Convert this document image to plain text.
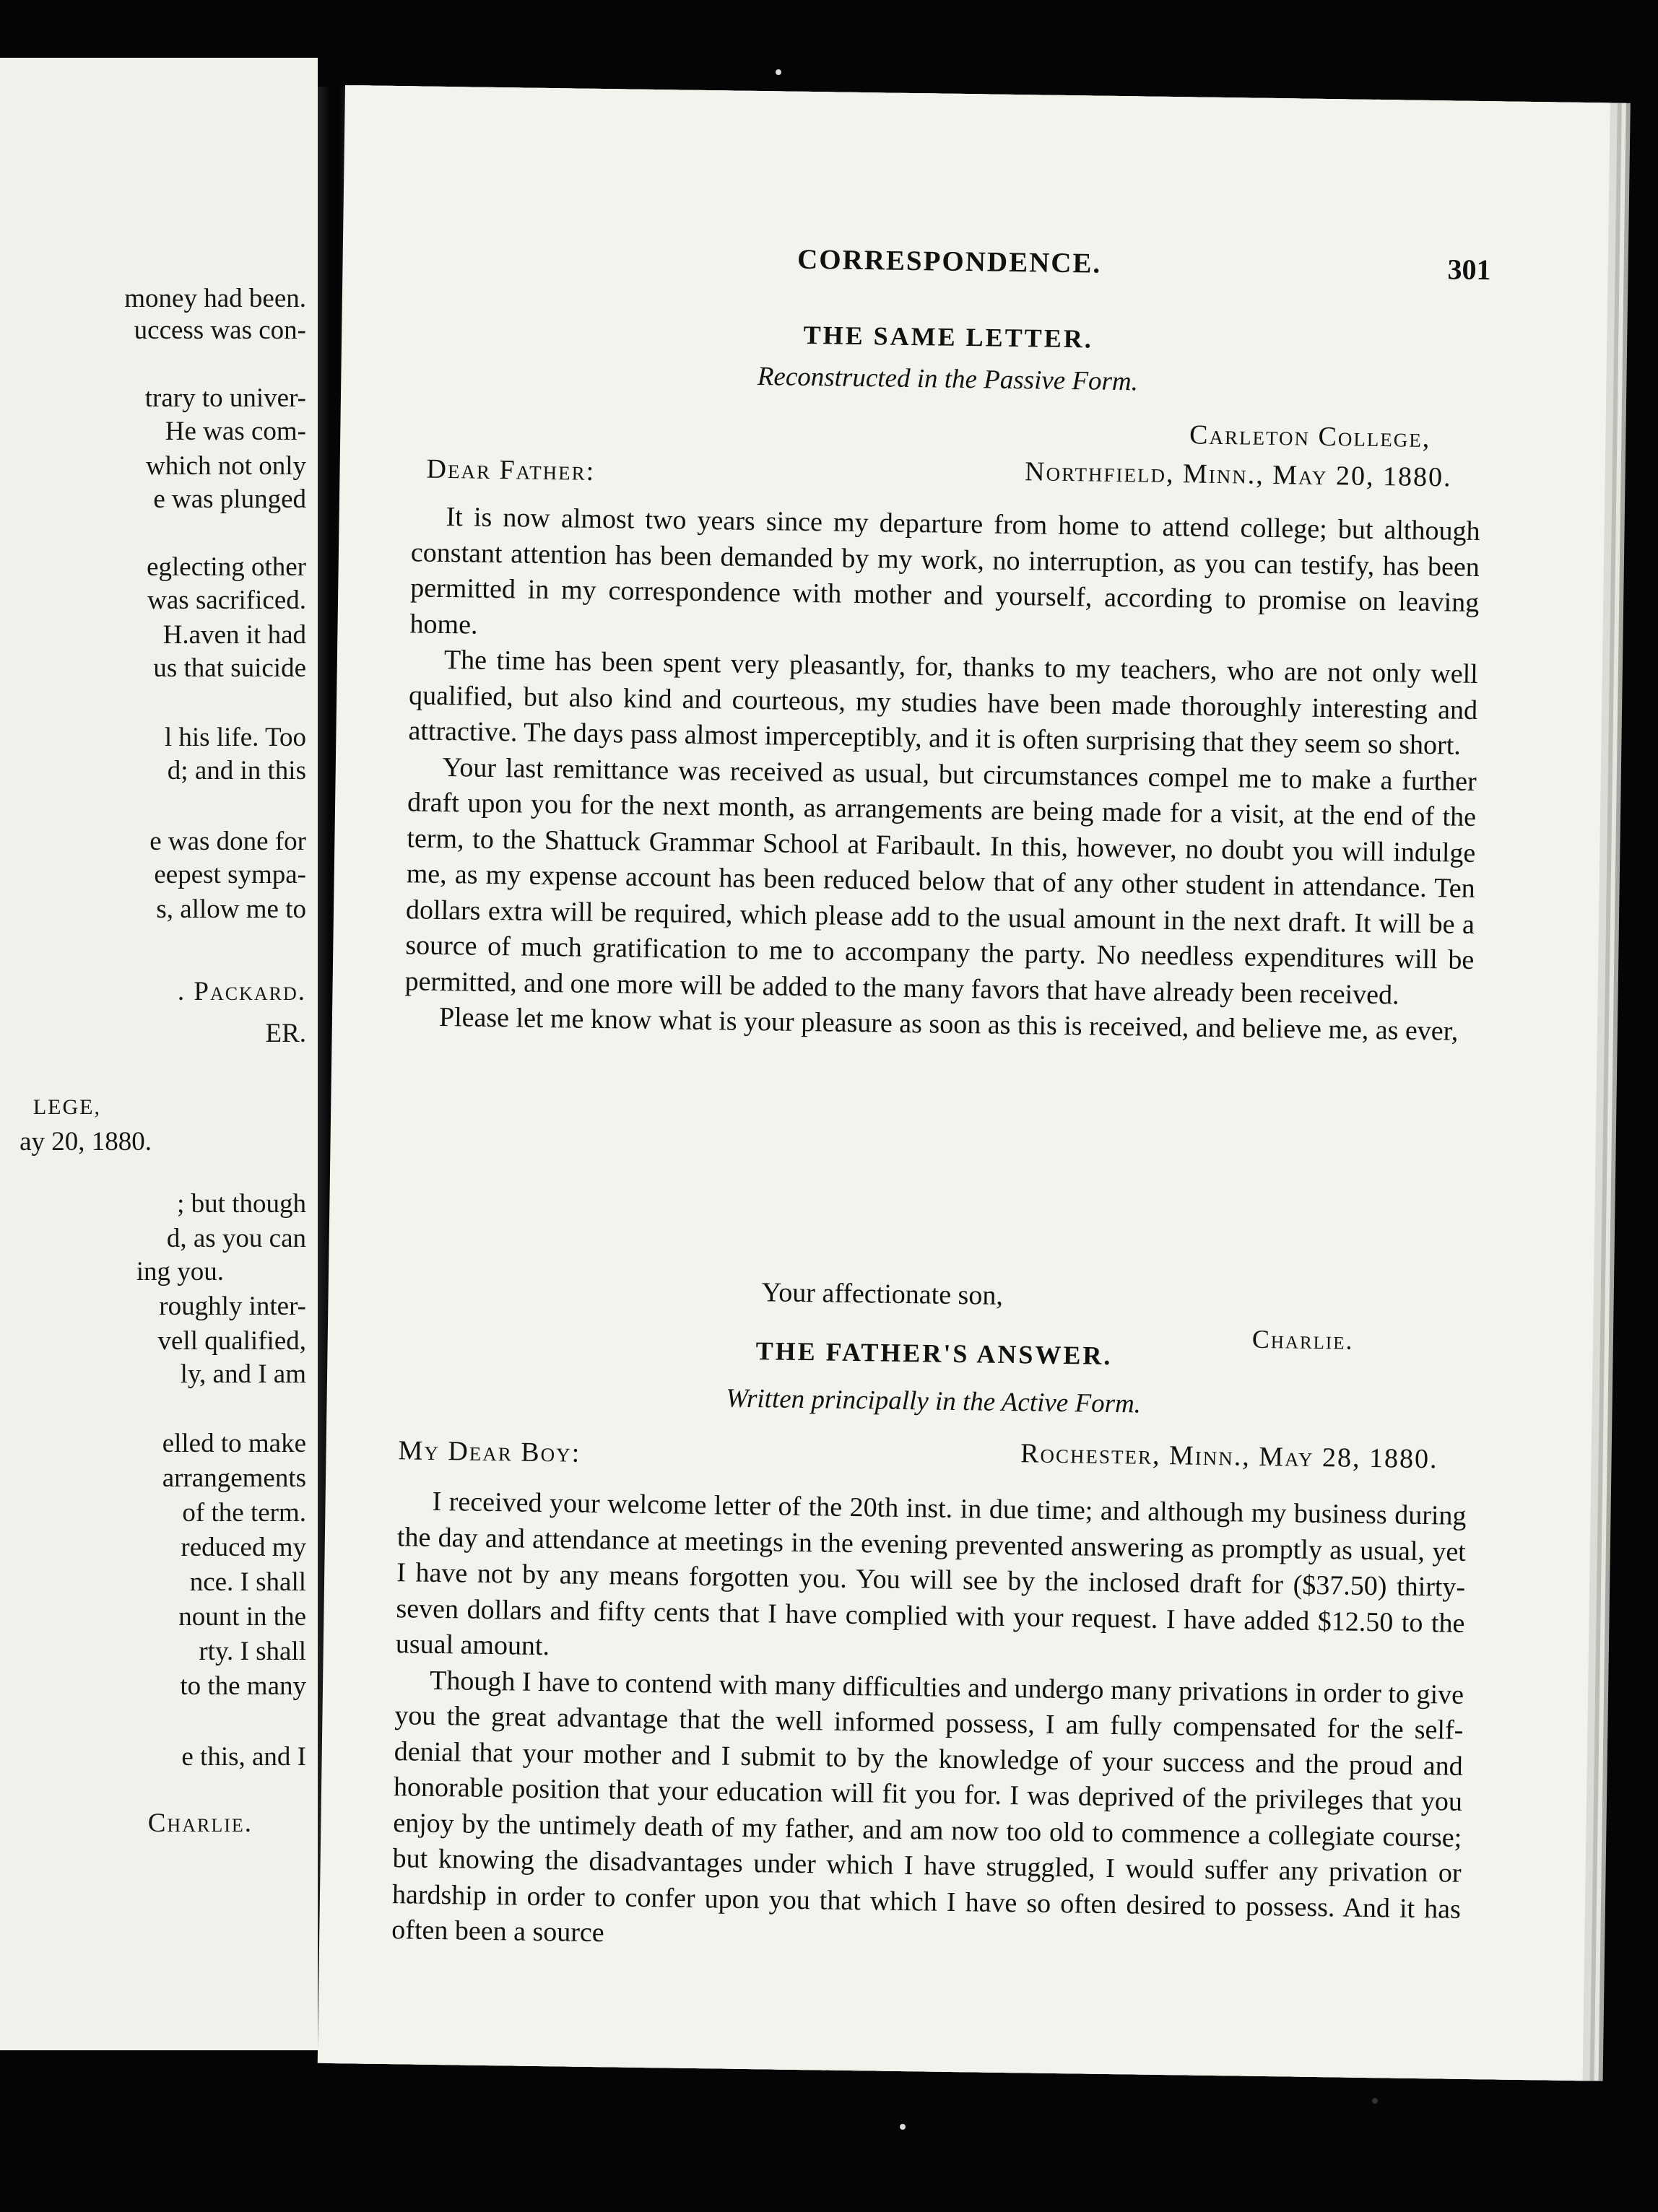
money had been.
uccess was con-
trary to univer-
He was com-
which not only
e was plunged
eglecting other
was sacrificed.
H.aven it had
us that suicide
l his life. Too
d; and in this
e was done for
eepest sympa-
s, allow me to
. Packard.
ER.
LEGE,
ay 20, 1880.
; but though
d, as you can
ing you.
roughly inter-
vell qualified,
ly, and I am
elled to make
arrangements
of the term.
reduced my
nce. I shall
nount in the
rty. I shall
to the many
e this, and I
Charlie.
CORRESPONDENCE.	301
THE SAME LETTER.
Reconstructed in the Passive Form.
Carleton College,
Northfield, Minn., May 20, 1880.
Dear Father:

It is now almost two years since my departure from home to attend college; but although constant attention has been demanded by my work, no interruption, as you can testify, has been permitted in my correspondence with mother and yourself, according to promise on leaving home.

The time has been spent very pleasantly, for, thanks to my teachers, who are not only well qualified, but also kind and courteous, my studies have been made thoroughly interesting and attractive. The days pass almost imperceptibly, and it is often surprising that they seem so short.

Your last remittance was received as usual, but circumstances compel me to make a further draft upon you for the next month, as arrangements are being made for a visit, at the end of the term, to the Shattuck Grammar School at Faribault. In this, however, no doubt you will indulge me, as my expense account has been reduced below that of any other student in attendance. Ten dollars extra will be required, which please add to the usual amount in the next draft. It will be a source of much gratification to me to accompany the party. No needless expenditures will be permitted, and one more will be added to the many favors that have already been received.

Please let me know what is your pleasure as soon as this is received, and believe me, as ever,

Your affectionate son,
Charlie.
THE FATHER'S ANSWER.
Written principally in the Active Form.
Rochester, Minn., May 28, 1880.
My Dear Boy:

I received your welcome letter of the 20th inst. in due time; and although my business during the day and attendance at meetings in the evening prevented answering as promptly as usual, yet I have not by any means forgotten you. You will see by the inclosed draft for ($37.50) thirty-seven dollars and fifty cents that I have complied with your request. I have added $12.50 to the usual amount.

Though I have to contend with many difficulties and undergo many privations in order to give you the great advantage that the well informed possess, I am fully compensated for the self-denial that your mother and I submit to by the knowledge of your success and the proud and honorable position that your education will fit you for. I was deprived of the privileges that you enjoy by the untimely death of my father, and am now too old to commence a collegiate course; but knowing the disadvantages under which I have struggled, I would suffer any privation or hardship in order to confer upon you that which I have so often desired to possess. And it has often been a source
